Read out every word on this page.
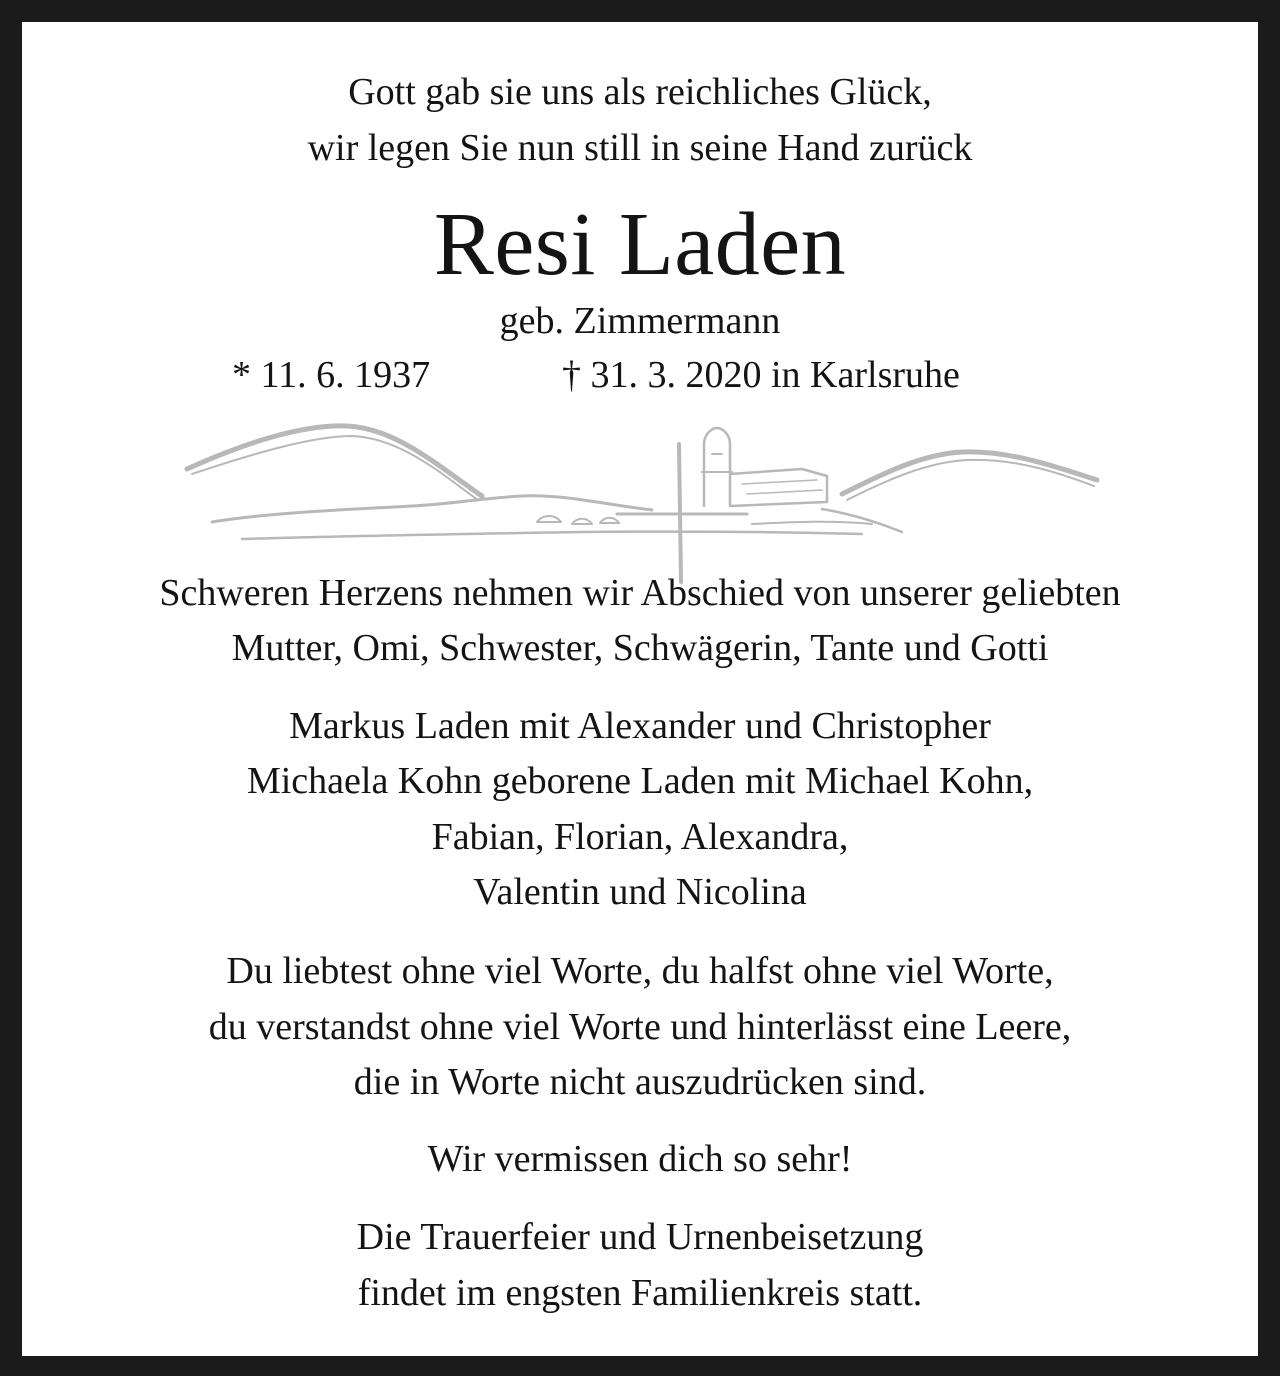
Gott gab sie uns als reichliches Glück,
wir legen Sie nun still in seine Hand zurück
Resi Laden
geb. Zimmermann
* 11. 6. 1937	† 31. 3. 2020 in Karlsruhe
Schweren Herzens nehmen wir Abschied von unserer geliebten
Mutter, Omi, Schwester, Schwägerin, Tante und Gotti
Markus Laden mit Alexander und Christopher
Michaela Kohn geborene Laden mit Michael Kohn,
Fabian, Florian, Alexandra,
Valentin und Nicolina
Du liebtest ohne viel Worte, du halfst ohne viel Worte,
du verstandst ohne viel Worte und hinterlässt eine Leere,
die in Worte nicht auszudrücken sind.
Wir vermissen dich so sehr!
Die Trauerfeier und Urnenbeisetzung
findet im engsten Familienkreis statt.
